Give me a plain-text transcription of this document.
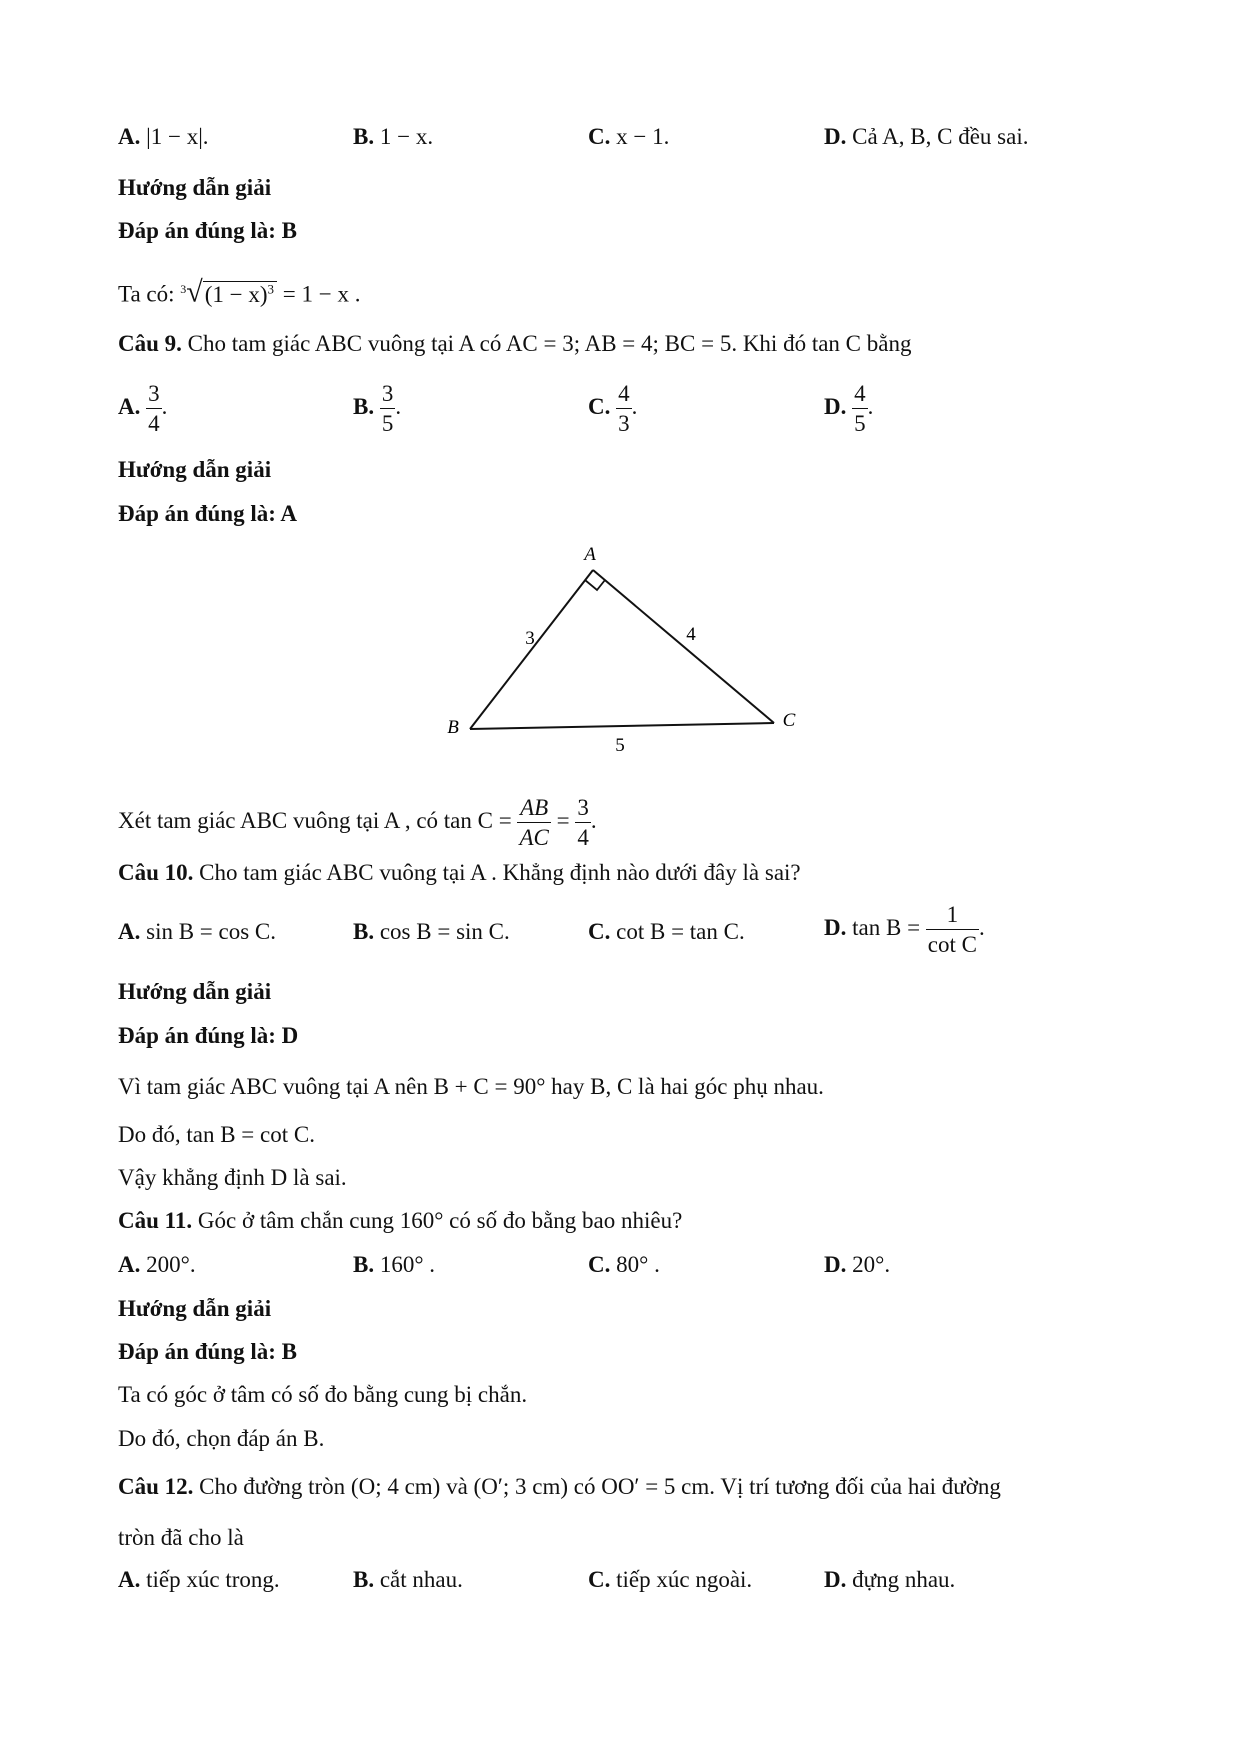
A. |1 − x|.	B. 1 − x.	C. x − 1.	D. Cả A, B, C đều sai.
Hướng dẫn giải
Đáp án đúng là: B
Ta có: $^3√(1 - x)^3 = 1 - x$ .
Câu 9. Cho tam giác ABC vuông tại A có AC = 3; AB = 4; BC = 5. Khi đó tan C bằng
A. $\frac{3}{4}$ .	B. $\frac{3}{5}$ .	C. $\frac{4}{3}$ .	D. $\frac{4}{5}$ .
Hướng dẫn giải
Đáp án đúng là: A
A
B	C
3	4
5
Xét tam giác ABC vuông tại A , có $\tan C = \frac{AB}{AC} = \frac{3}{4}$ .
Câu 10. Cho tam giác ABC vuông tại A . Khẳng định nào dưới đây là sai?
A. sin B = cos C.	B. cos B = sin C.	C. cot B = tan C.	D. $\tan B = \frac{1}{\text{cot C}}$ .
Hướng dẫn giải
Đáp án đúng là: D
Vì tam giác ABC vuông tại A nên B + C = 90° hay B, C là hai góc phụ nhau.
Do đó, tan B = cot C.
Vậy khẳng định D là sai.
Câu 11. Góc ở tâm chắn cung 160° có số đo bằng bao nhiêu?
A. 200°.	B. 160° .	C. 80° .	D. 20°.
Hướng dẫn giải
Đáp án đúng là: B
Ta có góc ở tâm có số đo bằng cung bị chắn.
Do đó, chọn đáp án B.
Câu 12. Cho đường tròn (O; 4 cm) và (O′; 3 cm) có OO′ = 5 cm. Vị trí tương đối của hai đường
tròn đã cho là
A. tiếp xúc trong.	B. cắt nhau.	C. tiếp xúc ngoài.	D. đựng nhau.
